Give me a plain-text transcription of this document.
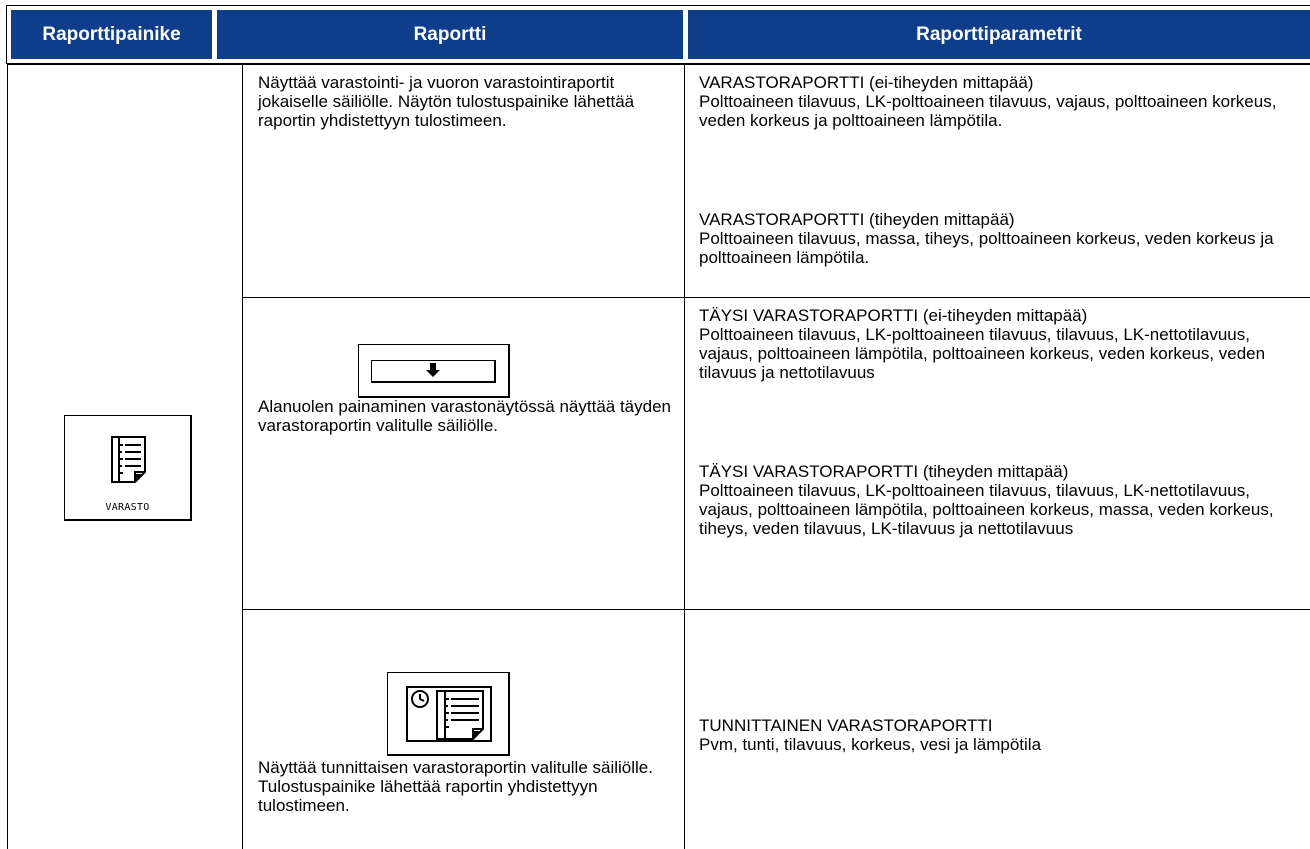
Raporttipainike	Raportti	Raporttiparametrit
VARASTO

Näyttää varastointi- ja vuoron varastointiraportit jokaiselle säiliölle. Näytön tulostuspainike lähettää raportin yhdistettyyn tulostimeen.

VARASTORAPORTTI (ei-tiheyden mittapää)

Polttoaineen tilavuus, LK-polttoaineen tilavuus, vajaus, polttoaineen korkeus, veden korkeus ja polttoaineen lämpötila.

VARASTORAPORTTI (tiheyden mittapää)

Polttoaineen tilavuus, massa, tiheys, polttoaineen korkeus, veden korkeus ja polttoaineen lämpötila.

Alanuolen painaminen varastonäytössä näyttää täyden varastoraportin valitulle säiliölle.

TÄYSI VARASTORAPORTTI (ei-tiheyden mittapää)

Polttoaineen tilavuus, LK-polttoaineen tilavuus, tilavuus, LK-nettotilavuus, vajaus, polttoaineen lämpötila, polttoaineen korkeus, veden korkeus, veden tilavuus ja nettotilavuus

TÄYSI VARASTORAPORTTI (tiheyden mittapää)

Polttoaineen tilavuus, LK-polttoaineen tilavuus, tilavuus, LK-nettotilavuus, vajaus, polttoaineen lämpötila, polttoaineen korkeus, massa, veden korkeus, tiheys, veden tilavuus, LK-tilavuus ja nettotilavuus

Näyttää tunnittaisen varastoraportin valitulle säiliölle. Tulostuspainike lähettää raportin yhdistettyyn tulostimeen.

TUNNITTAINEN VARASTORAPORTTI

Pvm, tunti, tilavuus, korkeus, vesi ja lämpötila
